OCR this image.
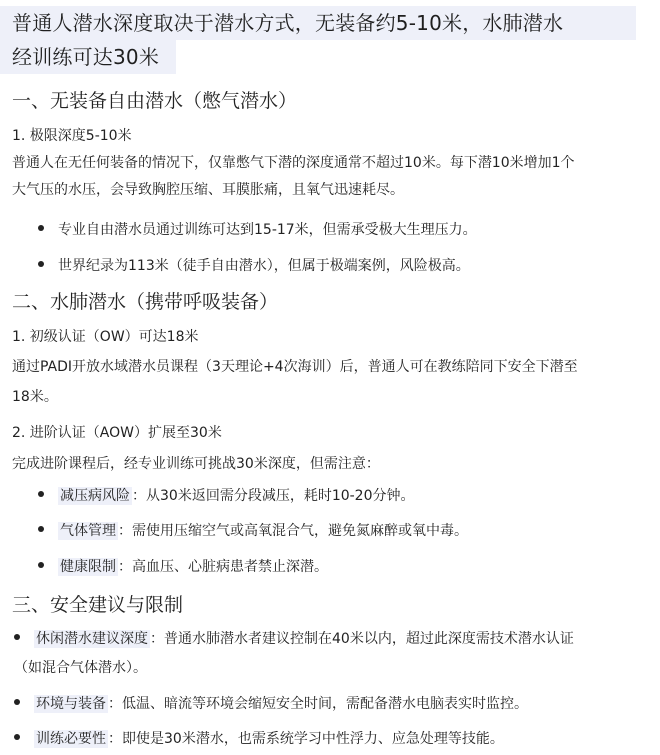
普通人潜水深度取决于潜水方式，无装备约5-10米，水肺潜水
经训练可达30米
一、无装备自由潜水（憋气潜水）
1. 极限深度5-10米
普通人在无任何装备的情况下，仅靠憋气下潜的深度通常不超过10米。每下潜10米增加1个
大气压的水压，会导致胸腔压缩、耳膜胀痛，且氧气迅速耗尽。
专业自由潜水员通过训练可达到15-17米，但需承受极大生理压力。
世界纪录为113米（徒手自由潜水），但属于极端案例，风险极高。
二、水肺潜水（携带呼吸装备）
1. 初级认证（OW）可达18米
通过PADI开放水域潜水员课程（3天理论+4次海训）后，普通人可在教练陪同下安全下潜至
18米。
2. 进阶认证（AOW）扩展至30米
完成进阶课程后，经专业训练可挑战30米深度，但需注意：
减压病风险 ：从30米返回需分段减压，耗时10-20分钟。
气体管理 ：需使用压缩空气或高氧混合气，避免氮麻醉或氧中毒。
健康限制 ：高血压、心脏病患者禁止深潜。
三、安全建议与限制
休闲潜水建议深度 ：普通水肺潜水者建议控制在40米以内，超过此深度需技术潜水认证
（如混合气体潜水）。
环境与装备 ：低温、暗流等环境会缩短安全时间，需配备潜水电脑表实时监控。
训练必要性 ：即使是30米潜水，也需系统学习中性浮力、应急处理等技能。
